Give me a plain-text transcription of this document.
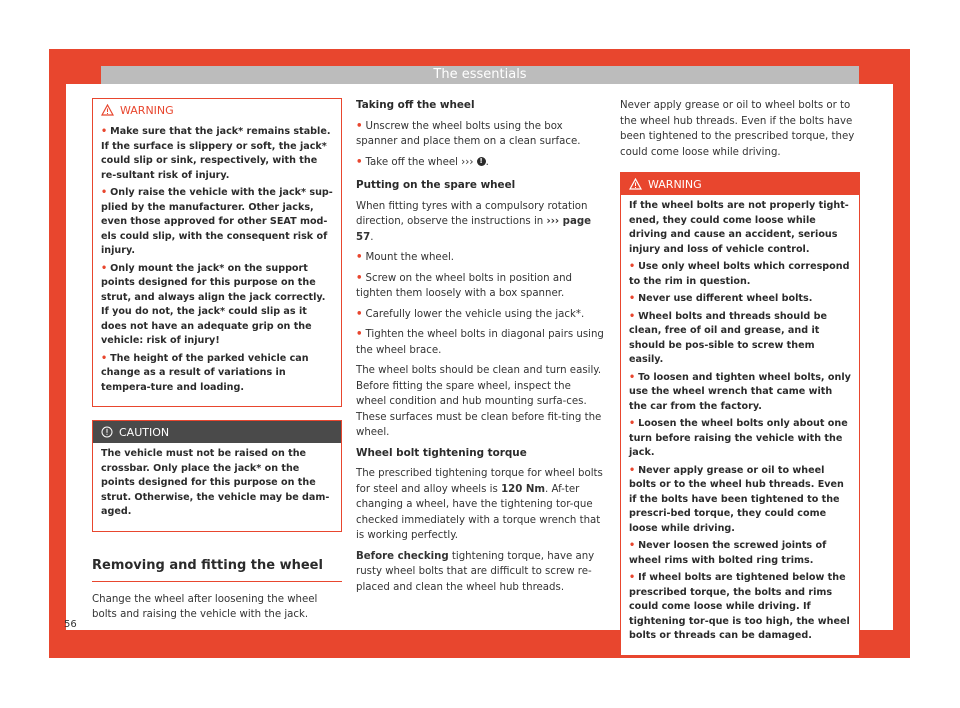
The essentials
WARNING

• Make sure that the jack* remains stable. If the surface is slippery or soft, the jack* could slip or sink, respectively, with the re-sultant risk of injury.

• Only raise the vehicle with the jack* sup-plied by the manufacturer. Other jacks, even those approved for other SEAT mod-els could slip, with the consequent risk of injury.

• Only mount the jack* on the support points designed for this purpose on the strut, and always align the jack correctly. If you do not, the jack* could slip as it does not have an adequate grip on the vehicle: risk of injury!

• The height of the parked vehicle can change as a result of variations in tempera-ture and loading.

CAUTION

The vehicle must not be raised on the crossbar. Only place the jack* on the points designed for this purpose on the strut. Otherwise, the vehicle may be dam-aged.

Removing and fitting the wheel

Change the wheel after loosening the wheel bolts and raising the vehicle with the jack.

Taking off the wheel

• Unscrew the wheel bolts using the box spanner and place them on a clean surface.

• Take off the wheel ››› ! .

Putting on the spare wheel

When fitting tyres with a compulsory rotation direction, observe the instructions in ››› page 57.

• Mount the wheel.

• Screw on the wheel bolts in position and tighten them loosely with a box spanner.

• Carefully lower the vehicle using the jack*.

• Tighten the wheel bolts in diagonal pairs using the wheel brace.

The wheel bolts should be clean and turn easily. Before fitting the spare wheel, inspect the wheel condition and hub mounting surfa-ces. These surfaces must be clean before fit-ting the wheel.

Wheel bolt tightening torque

The prescribed tightening torque for wheel bolts for steel and alloy wheels is 120 Nm. Af-ter changing a wheel, have the tightening tor-que checked immediately with a torque wrench that is working perfectly.

Before checking tightening torque, have any rusty wheel bolts that are difficult to screw re-placed and clean the wheel hub threads.

Never apply grease or oil to wheel bolts or to the wheel hub threads. Even if the bolts have been tightened to the prescribed torque, they could come loose while driving.

WARNING

If the wheel bolts are not properly tight-ened, they could come loose while driving and cause an accident, serious injury and loss of vehicle control.

• Use only wheel bolts which correspond to the rim in question.

• Never use different wheel bolts.

• Wheel bolts and threads should be clean, free of oil and grease, and it should be pos-sible to screw them easily.

• To loosen and tighten wheel bolts, only use the wheel wrench that came with the car from the factory.

• Loosen the wheel bolts only about one turn before raising the vehicle with the jack.

• Never apply grease or oil to wheel bolts or to the wheel hub threads. Even if the bolts have been tightened to the prescri-bed torque, they could come loose while driving.

• Never loosen the screwed joints of wheel rims with bolted ring trims.

• If wheel bolts are tightened below the prescribed torque, the bolts and rims could come loose while driving. If tightening tor-que is too high, the wheel bolts or threads can be damaged.

56
